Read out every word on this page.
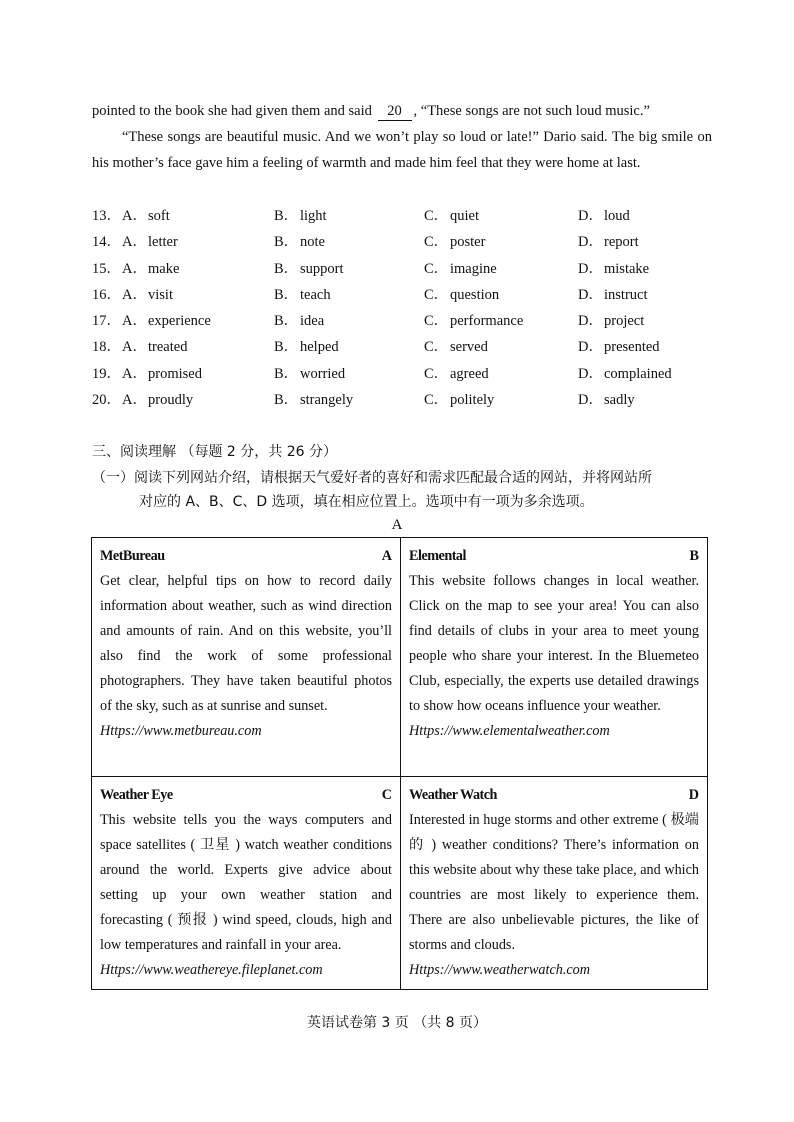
pointed to the book she had given them and said 20 , “These songs are not such loud music.”
“These songs are beautiful music. And we won’t play so loud or late!” Dario said. The big smile on his mother’s face gave him a feeling of warmth and made him feel that they were home at last.
13． A．soft	B． light	C． quiet	D．loud
14． A．letter	B． note	C． poster	D．report
15． A．make	B． support	C． imagine	D．mistake
16． A．visit	B． teach	C． question	D．instruct
17． A．experience	B． idea	C． performance	D．project
18． A．treated	B． helped	C． served	D．presented
19． A．promised	B． worried	C． agreed	D．complained
20． A．proudly	B． strangely	C． politely	D．sadly
三、阅读理解 （每题 2 分，共 26 分）
（一）阅读下列网站介绍，请根据天气爱好者的喜好和需求匹配最合适的网站，并将网站所
对应的 A、B、C、D 选项，填在相应位置上。选项中有一项为多余选项。
A
MetBureau	A
Get clear, helpful tips on how to record daily information about weather, such as wind direction and amounts of rain. And on this website, you’ll also find the work of some professional photographers. They have taken beautiful photos of the sky, such as at sunrise and sunset.
Https://www.metbureau.com
Elemental	B
This website follows changes in local weather. Click on the map to see your area! You can also find details of clubs in your area to meet young people who share your interest. In the Bluemeteo Club, especially, the experts use detailed drawings to show how oceans influence your weather.
Https://www.elementalweather.com
Weather Eye	C
This website tells you the ways computers and space satellites ( 卫星 ) watch weather conditions around the world. Experts give advice about setting up your own weather station and forecasting ( 预报 ) wind speed, clouds, high and low temperatures and rainfall in your area.
Https://www.weathereye.fileplanet.com
Weather Watch	D
Interested in huge storms and other extreme ( 极端的 ) weather conditions? There’s information on this website about why these take place, and which countries are most likely to experience them. There are also unbelievable pictures, the like of storms and clouds.
Https://www.weatherwatch.com
英语试卷第 3 页 （共 8 页）
